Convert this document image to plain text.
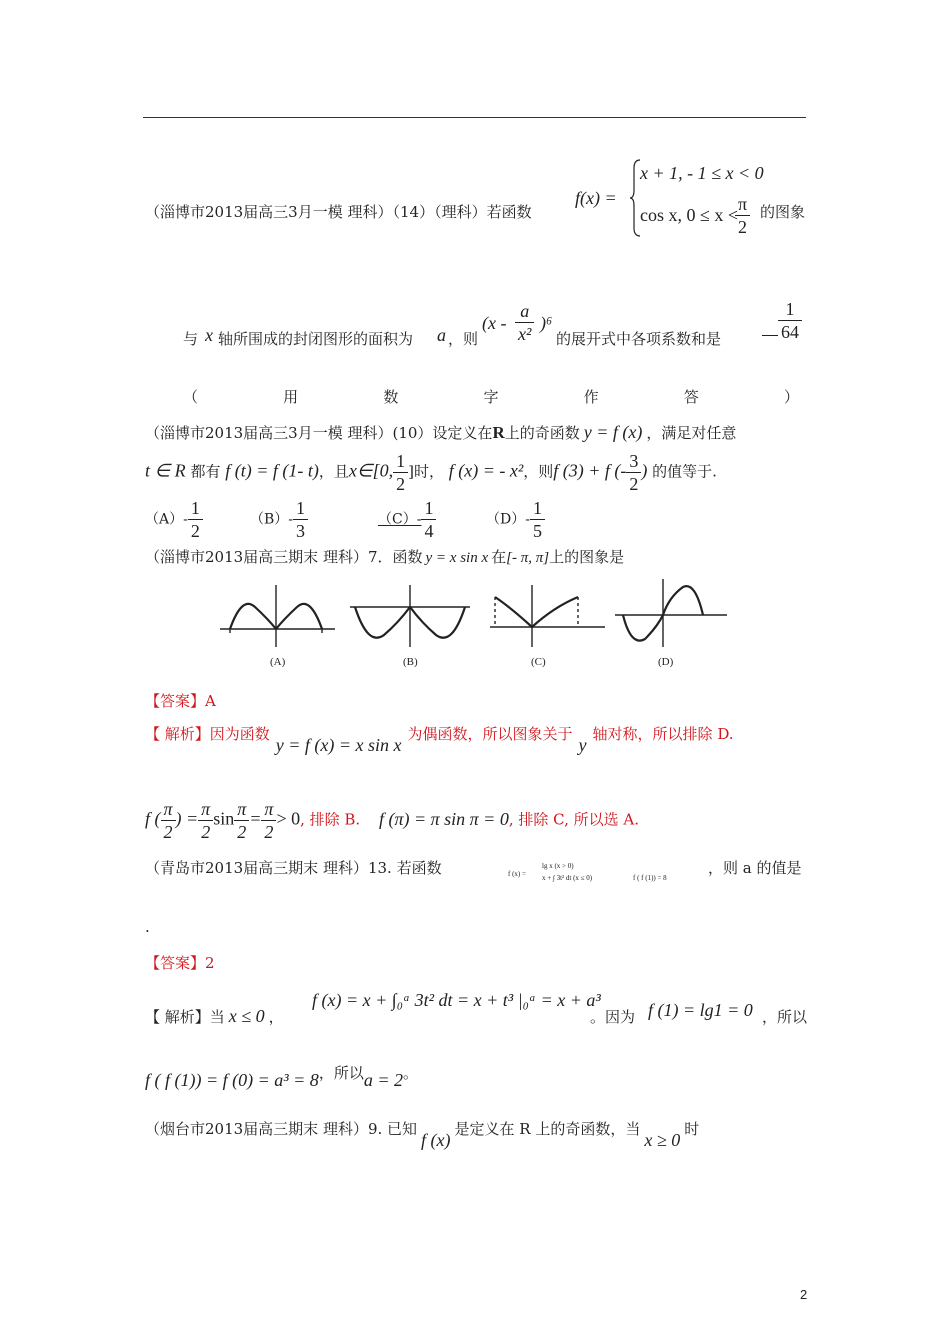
（淄博市2013届高三3月一模 理科）（14）（理科）若函数
f(x) =
x + 1, - 1 ≤ x < 0
cos x, 0 ≤ x <
$\frac{\pi}{2}$ 的图象
与 x 轴所围成的封闭图形的面积为 a ，则
$(x - \frac{a}{\text{x²}} )^6$
的展开式中各项系数和是	$\frac{1}{64}$
（	用	数	字	作	答	）
（淄博市2013届高三3月一模 理科）(10）设定义在R上的奇函数 y = f (x) ，满足对任意
t ∈ R 都有 f (t) = f (1- t)，且x∈[0, $\frac{1}{2}$ ]时， f (x) = - x²，则f (3) + f (- $\frac{3}{2}$ ) 的值等于.
$(A)- \frac{1}{2}$	$(B)- \frac{1}{3}$	$(C)- \frac{1}{4}$	$(D)- \frac{1}{5}$
（淄博市2013届高三期末 理科）7．函数 y = x sin x 在[- π, π]上的图象是
(A)	(B)	(C)	(D)
【答案】A
【 解析】因为函数y = f (x) = x sin x为偶函数，所以图象关于y轴对称，所以排除 D.
f ( $\frac{\pi}{2}$ ) = $\frac{\pi}{2}$ $\sin \frac{\pi}{2} = \frac{\pi}{2} > 0$, 排除 B. f (π) = π sin π = 0, 排除 C, 所以选 A.
（青岛市2013届高三期末 理科）13. 若函数	f (x) =
lg x (x > 0)
x + ∫ 3t² dt (x ≤ 0)	f ( f (1)) = 8
，则 a 的值是
.
【答案】2
【 解析】当 x ≤ 0 ，
f (x) = x + ∫₀ᵃ 3t² dt = x + t³ |₀ᵃ = x + a³
。因为 f (1) = lg1 = 0 ，所以
f ( f (1)) = f (0) = a³ = 8，所以a = 2。
（烟台市2013届高三期末 理科）9. 已知f (x)是定义在 R 上的奇函数，当x ≥ 0时
2
